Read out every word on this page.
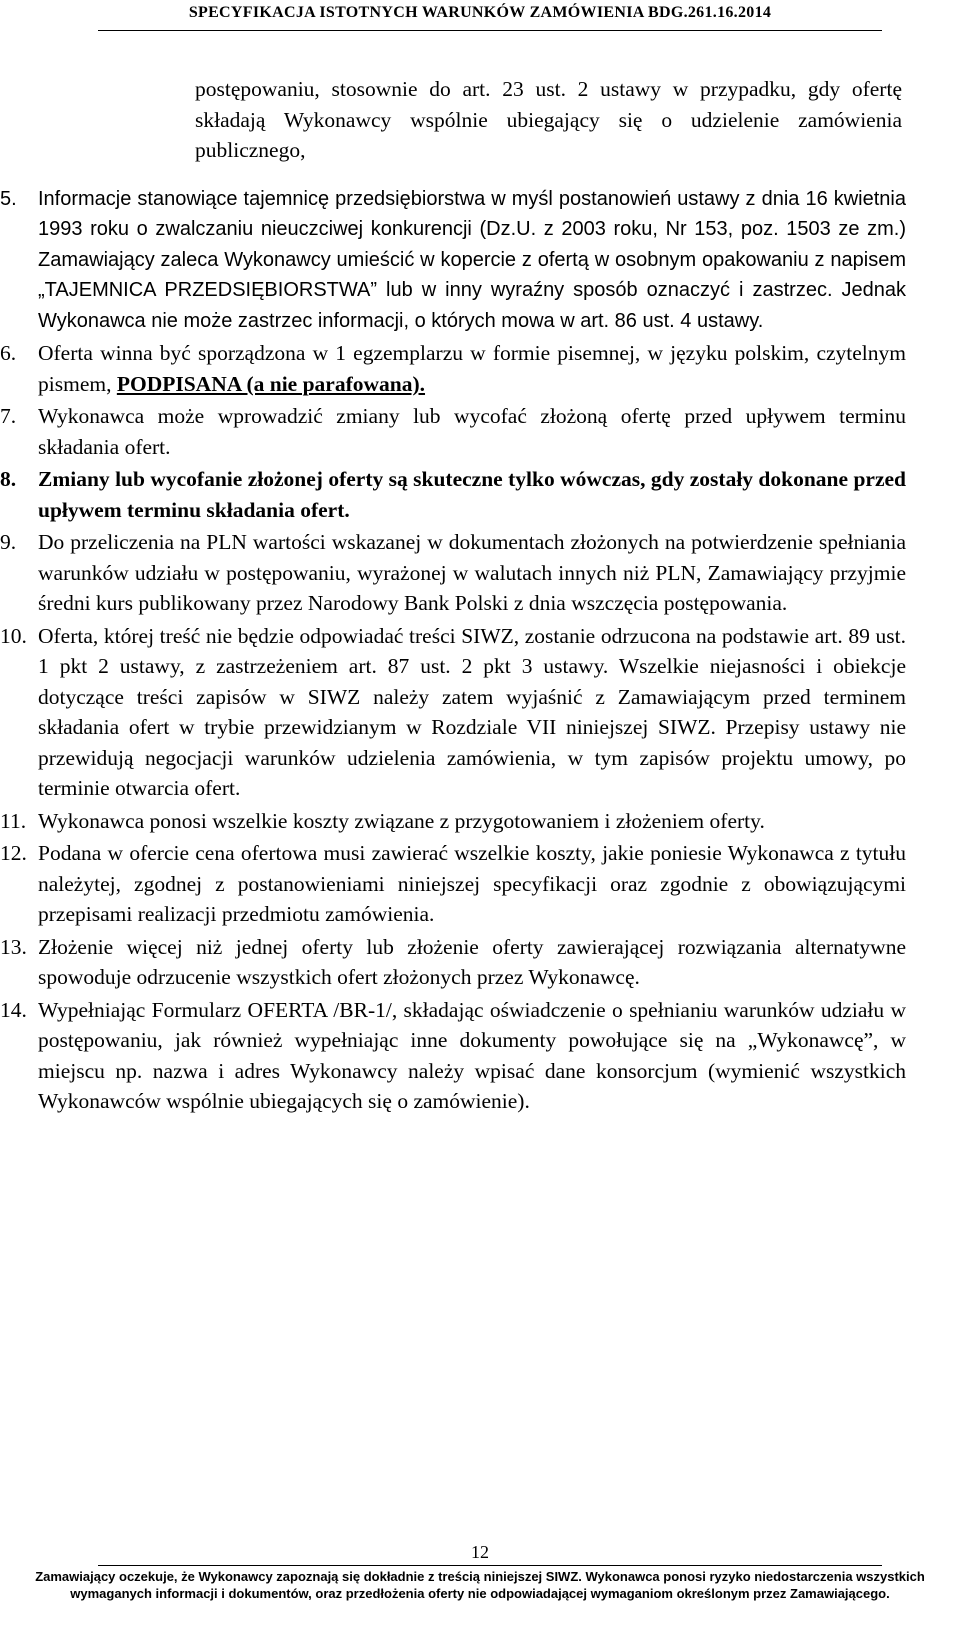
SPECYFIKACJA ISTOTNYCH WARUNKÓW ZAMÓWIENIA BDG.261.16.2014
postępowaniu, stosownie do art. 23 ust. 2 ustawy w przypadku, gdy ofertę składają Wykonawcy wspólnie ubiegający się o udzielenie zamówienia publicznego,
5. Informacje stanowiące tajemnicę przedsiębiorstwa w myśl postanowień ustawy z dnia 16 kwietnia 1993 roku o zwalczaniu nieuczciwej konkurencji (Dz.U. z 2003 roku, Nr 153, poz. 1503 ze zm.) Zamawiający zaleca Wykonawcy umieścić w kopercie z ofertą w osobnym opakowaniu z napisem „TAJEMNICA PRZEDSIĘBIORSTWA” lub w inny wyraźny sposób oznaczyć i zastrzec. Jednak Wykonawca nie może zastrzec informacji, o których mowa w art. 86 ust. 4 ustawy.
6. Oferta winna być sporządzona w 1 egzemplarzu w formie pisemnej, w języku polskim, czytelnym pismem, PODPISANA (a nie parafowana).
7. Wykonawca może wprowadzić zmiany lub wycofać złożoną ofertę przed upływem terminu składania ofert.
8. Zmiany lub wycofanie złożonej oferty są skuteczne tylko wówczas, gdy zostały dokonane przed upływem terminu składania ofert.
9. Do przeliczenia na PLN wartości wskazanej w dokumentach złożonych na potwierdzenie spełniania warunków udziału w postępowaniu, wyrażonej w walutach innych niż PLN, Zamawiający przyjmie średni kurs publikowany przez Narodowy Bank Polski z dnia wszczęcia postępowania.
10. Oferta, której treść nie będzie odpowiadać treści SIWZ, zostanie odrzucona na podstawie art. 89 ust. 1 pkt 2 ustawy, z zastrzeżeniem art. 87 ust. 2 pkt 3 ustawy. Wszelkie niejasności i obiekcje dotyczące treści zapisów w SIWZ należy zatem wyjaśnić z Zamawiającym przed terminem składania ofert w trybie przewidzianym w Rozdziale VII niniejszej SIWZ. Przepisy ustawy nie przewidują negocjacji warunków udzielenia zamówienia, w tym zapisów projektu umowy, po terminie otwarcia ofert.
11. Wykonawca ponosi wszelkie koszty związane z przygotowaniem i złożeniem oferty.
12. Podana w ofercie cena ofertowa musi zawierać wszelkie koszty, jakie poniesie Wykonawca z tytułu należytej, zgodnej z postanowieniami niniejszej specyfikacji oraz zgodnie z obowiązującymi przepisami realizacji przedmiotu zamówienia.
13. Złożenie więcej niż jednej oferty lub złożenie oferty zawierającej rozwiązania alternatywne spowoduje odrzucenie wszystkich ofert złożonych przez Wykonawcę.
14. Wypełniając Formularz OFERTA /BR-1/, składając oświadczenie o spełnianiu warunków udziału w postępowaniu, jak również wypełniając inne dokumenty powołujące się na „Wykonawcę”, w miejscu np. nazwa i adres Wykonawcy należy wpisać dane konsorcjum (wymienić wszystkich Wykonawców wspólnie ubiegających się o zamówienie).
12
Zamawiający oczekuje, że Wykonawcy zapoznają się dokładnie z treścią niniejszej SIWZ. Wykonawca ponosi ryzyko niedostarczenia wszystkich
wymaganych informacji i dokumentów, oraz przedłożenia oferty nie odpowiadającej wymaganiom określonym przez Zamawiającego.
